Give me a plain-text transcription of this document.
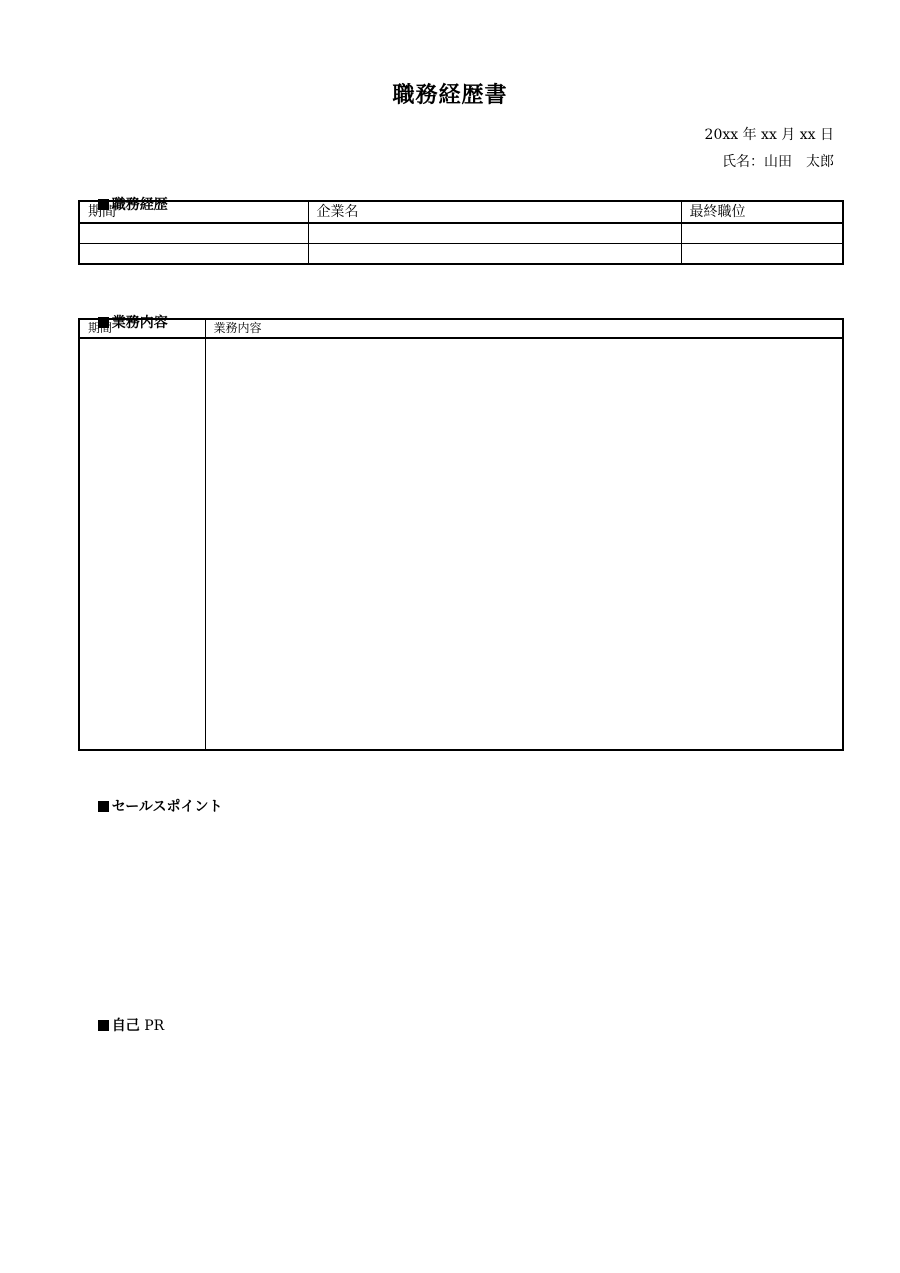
職務経歴書
20xx 年 xx 月 xx 日
氏名：山田　太郎

職務経歴

期間	企業名	最終職位

業務内容

期間	業務内容

セールスポイント

自己 PR
